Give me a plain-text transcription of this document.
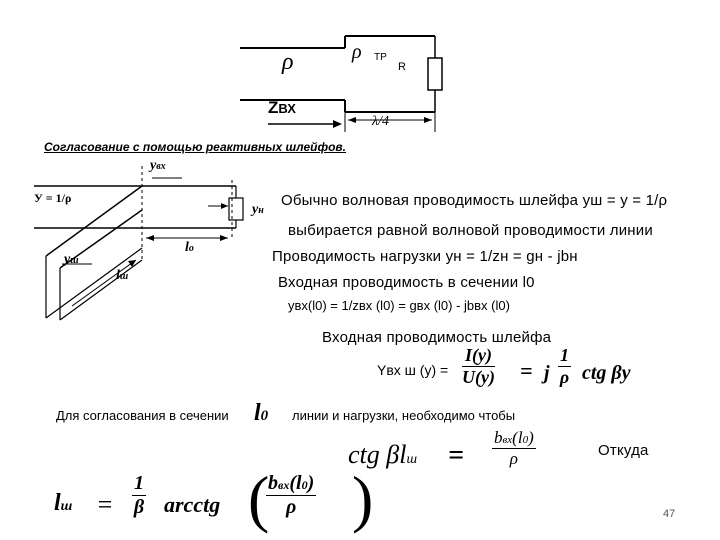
ρ	ρ ТР
R
ZВХ
λ/4
Согласование с помощью реактивных шлейфов.
У = 1/ρ
yвх
yн
yш
lo
lш
Обычно волновая проводимость шлейфа yш = y = 1/ρ
выбирается равной волновой проводимости линии
Проводимость нагрузки yн = 1/zн = gн - jbн
Входная проводимость в сечении l0
yвх(l0) = 1/zвх (l0) = gвх (l0) - jbвх (l0)
Входная проводимость шлейфа
Yвх ш $(y) = \frac{I(y)}{U(y)} = j \frac{1}{\rho}$ ctg βy
Для согласования в сечении l0 линии и нагрузки, необходимо чтобы
ctg βlш =
bвх(l0)
ρ	Откуда
lш = $\frac{1}{\beta}$ arcctg (
bвх(l0)
ρ )	47
